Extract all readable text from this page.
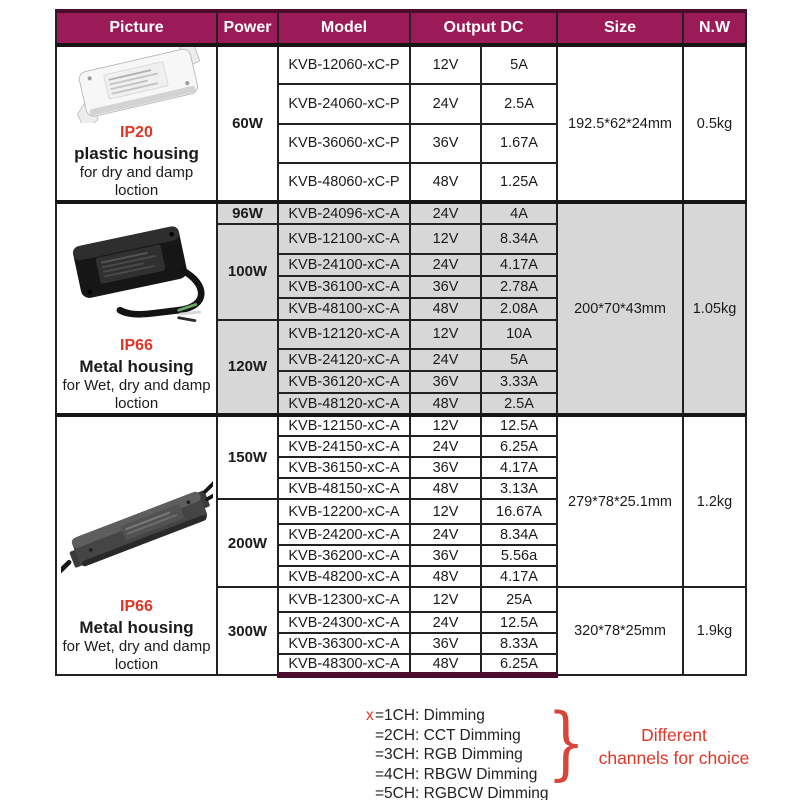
Picture	Power	Model	Output DC		Size	N.W

IP20
plastic housing
for dry and damp
loction	60W	KVB-12060-xC-P	12V	5A	192.5*62*24mm	0.5kg
		KVB-24060-xC-P	24V	2.5A		
		KVB-36060-xC-P	36V	1.67A		
		KVB-48060-xC-P	48V	1.25A		

IP66
Metal housing
for Wet, dry and damp
loction	96W	KVB-24096-xC-A	24V	4A	200*70*43mm	1.05kg
	100W	KVB-12100-xC-A	12V	8.34A		
		KVB-24100-xC-A	24V	4.17A		
		KVB-36100-xC-A	36V	2.78A		
		KVB-48100-xC-A	48V	2.08A		
	120W	KVB-12120-xC-A	12V	10A		
		KVB-24120-xC-A	24V	5A		
		KVB-36120-xC-A	36V	3.33A		
		KVB-48120-xC-A	48V	2.5A		

IP66
Metal housing
for Wet, dry and damp
loction	150W	KVB-12150-xC-A	12V	12.5A	279*78*25.1mm	1.2kg
		KVB-24150-xC-A	24V	6.25A		
		KVB-36150-xC-A	36V	4.17A		
		KVB-48150-xC-A	48V	3.13A		
	200W	KVB-12200-xC-A	12V	16.67A		
		KVB-24200-xC-A	24V	8.34A		
		KVB-36200-xC-A	36V	5.56a		
		KVB-48200-xC-A	48V	4.17A		
	300W	KVB-12300-xC-A	12V	25A	320*78*25mm	1.9kg
		KVB-24300-xC-A	24V	12.5A		
		KVB-36300-xC-A	36V	8.33A		
		KVB-48300-xC-A	48V	6.25A		
x=1CH: Dimming
=2CH: CCT Dimming
=3CH: RGB Dimming
=4CH: RBGW Dimming
=5CH: RGBCW Dimming
}	Different
channels for choice
